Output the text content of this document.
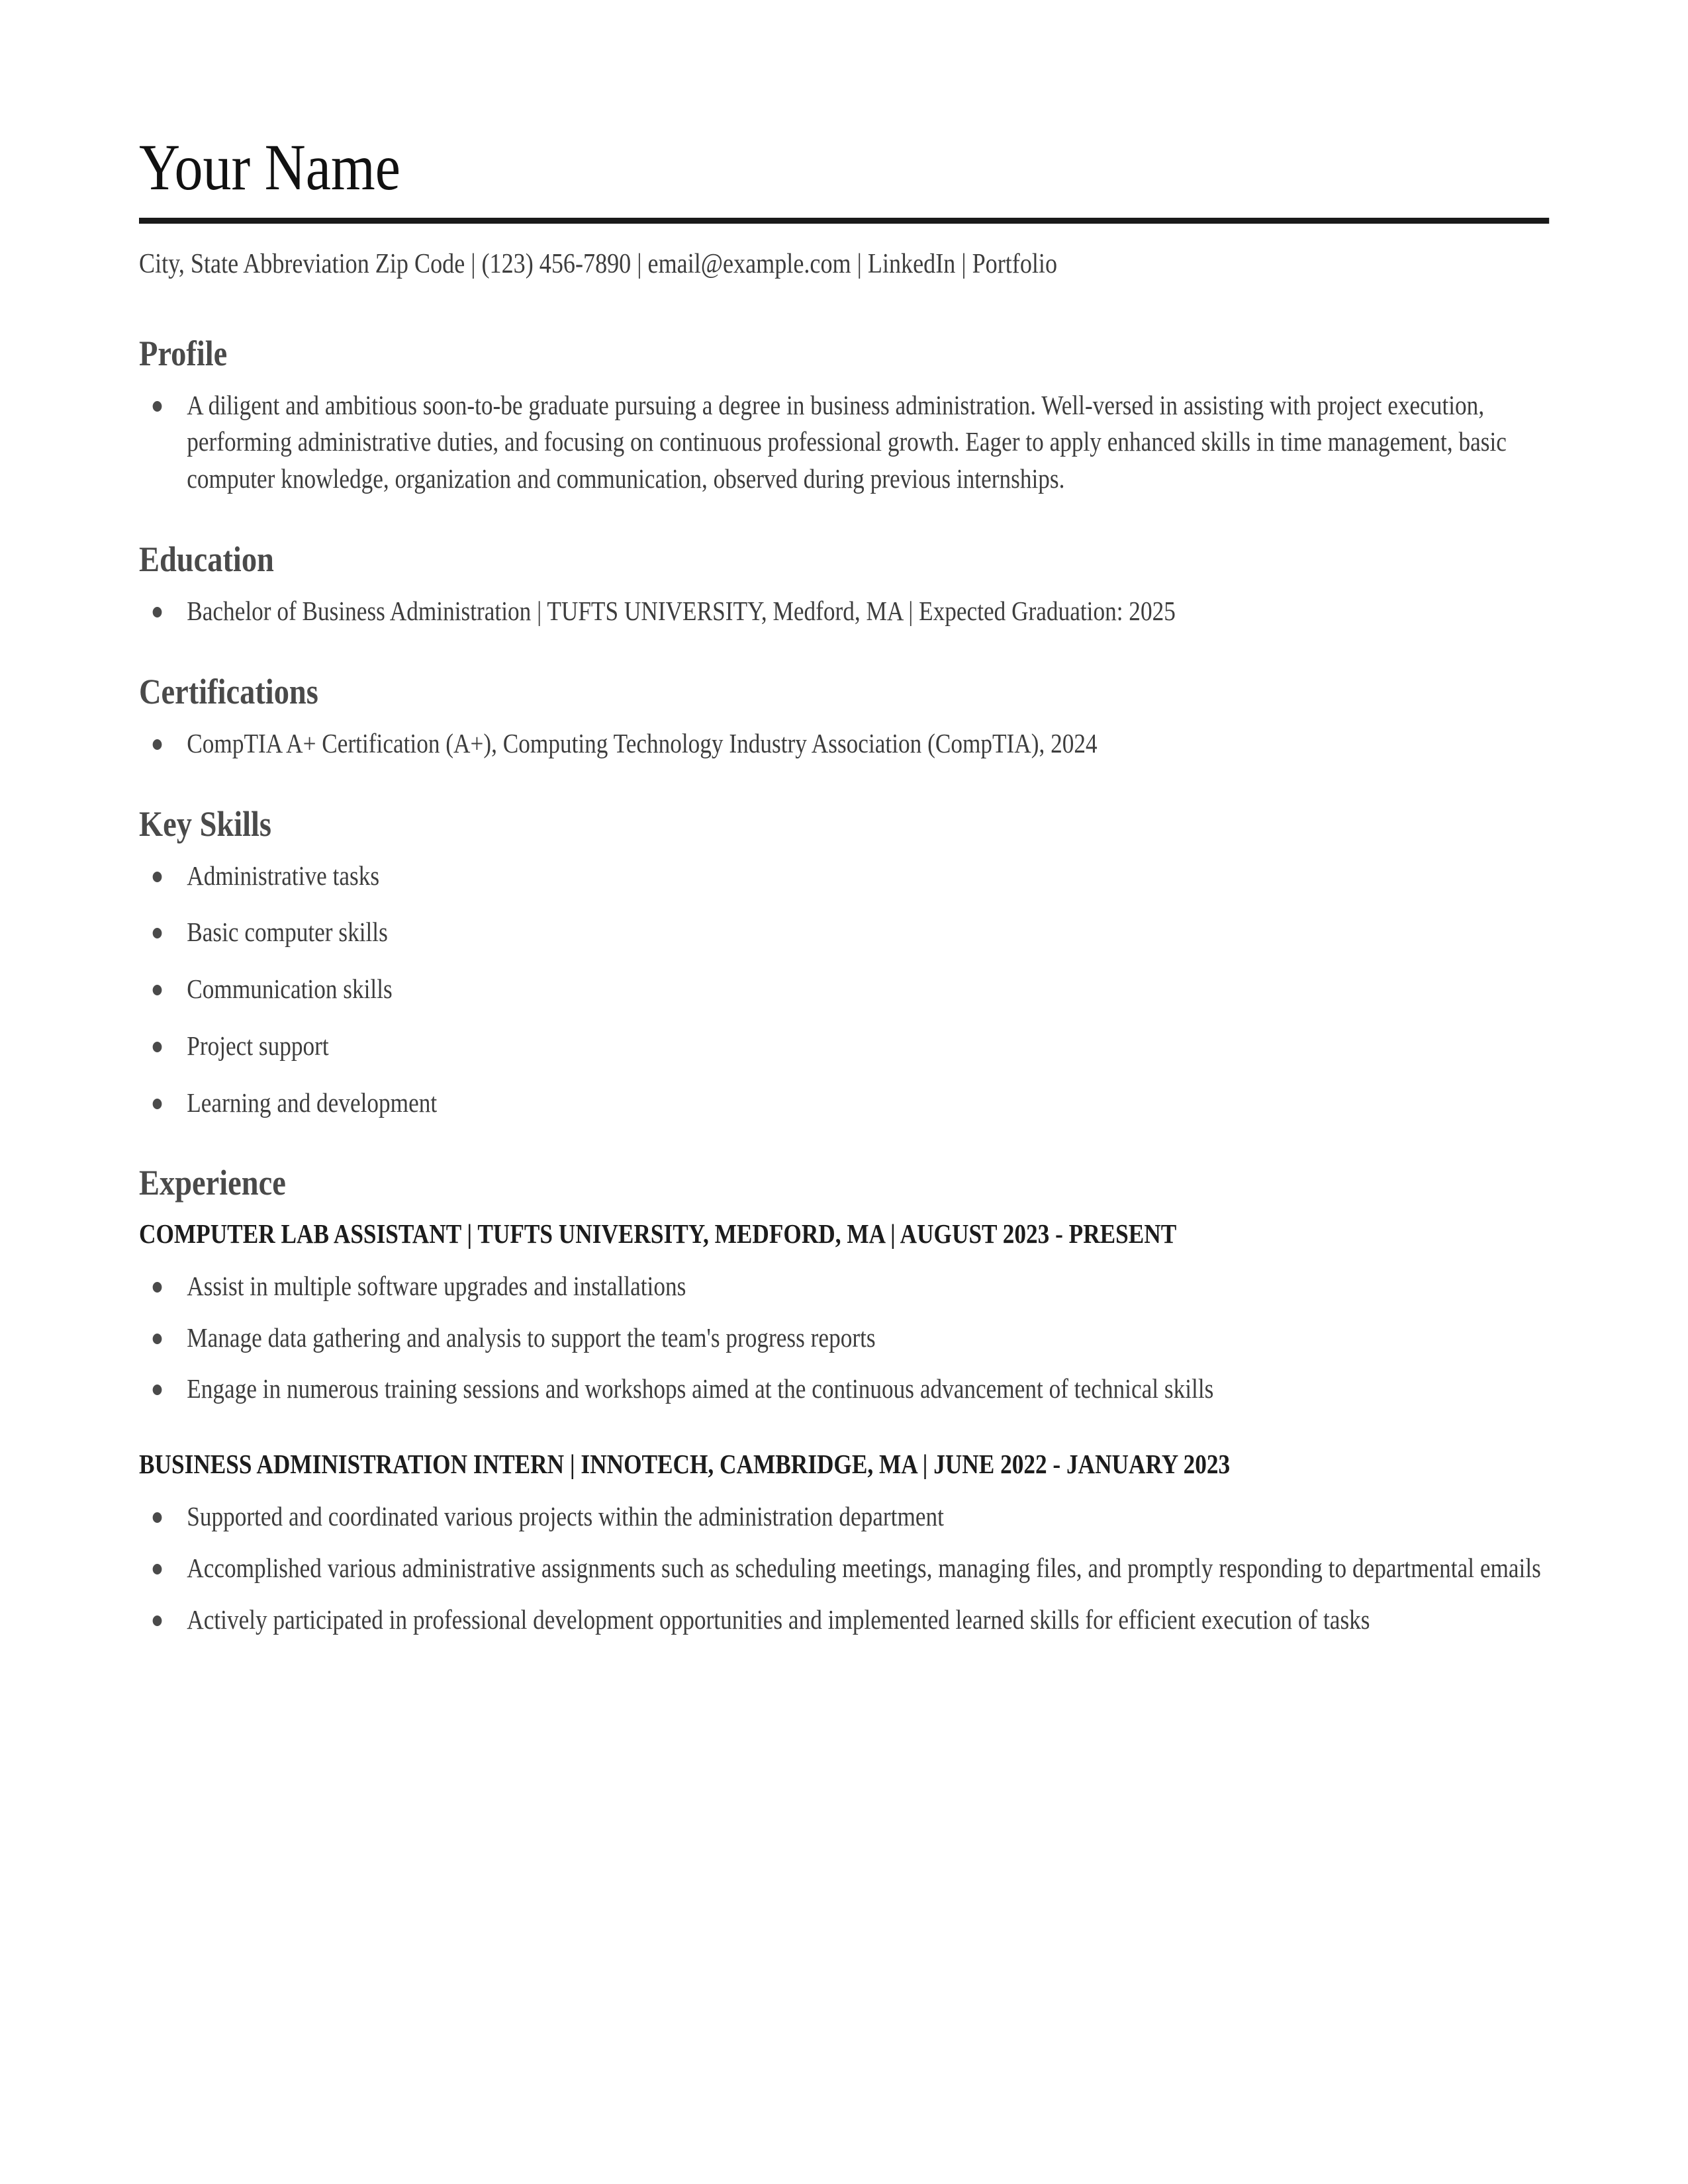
Your Name
City, State Abbreviation Zip Code | (123) 456-7890 | email@example.com | LinkedIn | Portfolio
Profile
A diligent and ambitious soon-to-be graduate pursuing a degree in business administration. Well-versed in assisting with project execution, performing administrative duties, and focusing on continuous professional growth. Eager to apply enhanced skills in time management, basic computer knowledge, organization and communication, observed during previous internships.
Education
Bachelor of Business Administration | TUFTS UNIVERSITY, Medford, MA | Expected Graduation: 2025
Certifications
CompTIA A+ Certification (A+), Computing Technology Industry Association (CompTIA), 2024
Key Skills
Administrative tasks
Basic computer skills
Communication skills
Project support
Learning and development
Experience
COMPUTER LAB ASSISTANT | TUFTS UNIVERSITY, MEDFORD, MA | AUGUST 2023 - PRESENT
Assist in multiple software upgrades and installations
Manage data gathering and analysis to support the team's progress reports
Engage in numerous training sessions and workshops aimed at the continuous advancement of technical skills
BUSINESS ADMINISTRATION INTERN | INNOTECH, CAMBRIDGE, MA | JUNE 2022 - JANUARY 2023
Supported and coordinated various projects within the administration department
Accomplished various administrative assignments such as scheduling meetings, managing files, and promptly responding to departmental emails
Actively participated in professional development opportunities and implemented learned skills for efficient execution of tasks
